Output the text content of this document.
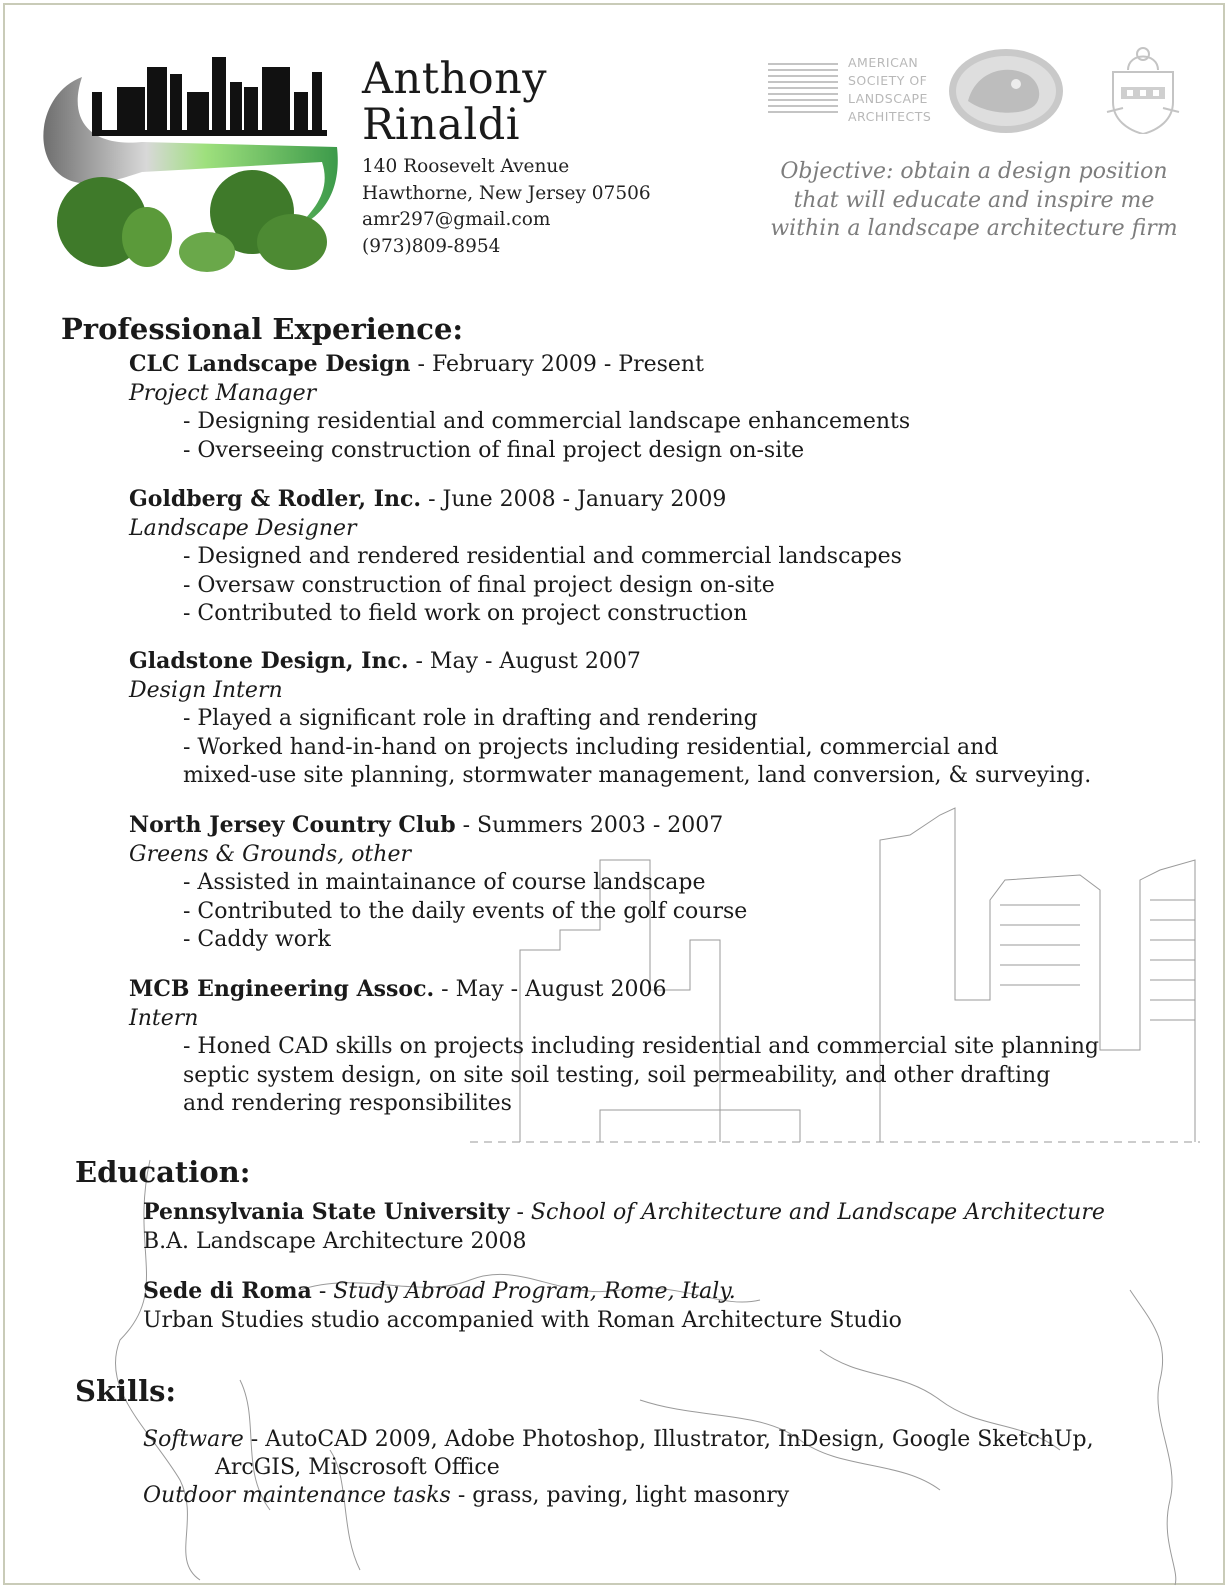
Anthony
Rinaldi
140 Roosevelt Avenue
Hawthorne, New Jersey 07506
amr297@gmail.com
(973)809-8954
AMERICAN
SOCIETY OF
LANDSCAPE
ARCHITECTS
Objective: obtain a design position
that will educate and inspire me
within a landscape architecture firm
Professional Experience:
CLC Landscape Design - February 2009 - Present
Project Manager
- Designing residential and commercial landscape enhancements
- Overseeing construction of final project design on-site
Goldberg & Rodler, Inc. - June 2008 - January 2009
Landscape Designer
- Designed and rendered residential and commercial landscapes
- Oversaw construction of final project design on-site
- Contributed to field work on project construction
Gladstone Design, Inc. - May - August 2007
Design Intern
- Played a significant role in drafting and rendering
- Worked hand-in-hand on projects including residential, commercial and
mixed-use site planning, stormwater management, land conversion, & surveying.
North Jersey Country Club - Summers 2003 - 2007
Greens & Grounds, other
- Assisted in maintainance of course landscape
- Contributed to the daily events of the golf course
- Caddy work
MCB Engineering Assoc. - May - August 2006
Intern
- Honed CAD skills on projects including residential and commercial site planning
septic system design, on site soil testing, soil permeability, and other drafting
and rendering responsibilites
Education:
Pennsylvania State University - School of Architecture and Landscape Architecture
B.A. Landscape Architecture 2008
Sede di Roma - Study Abroad Program, Rome, Italy.
Urban Studies studio accompanied with Roman Architecture Studio
Skills:
Software - AutoCAD 2009, Adobe Photoshop, Illustrator, InDesign, Google SketchUp,
ArcGIS, Miscrosoft Office
Outdoor maintenance tasks - grass, paving, light masonry
